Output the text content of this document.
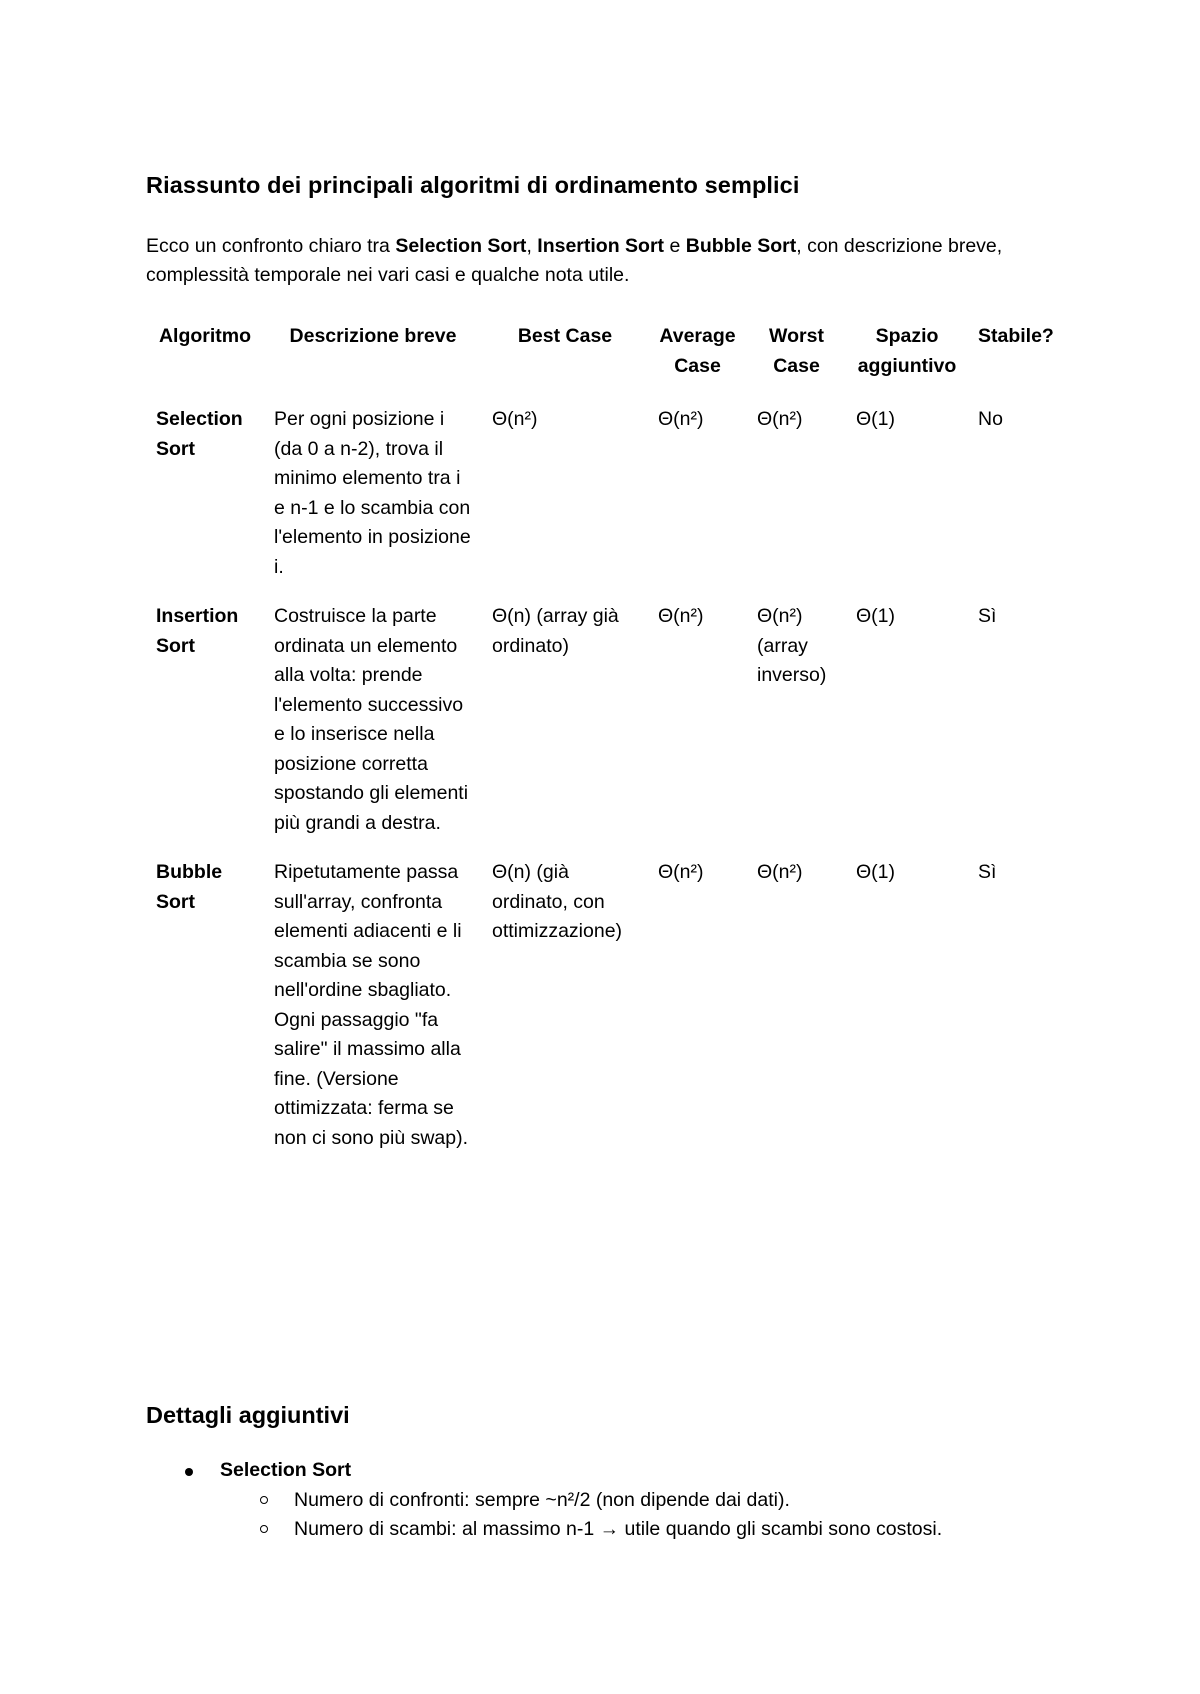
Riassunto dei principali algoritmi di ordinamento semplici

Ecco un confronto chiaro tra Selection Sort, Insertion Sort e Bubble Sort, con descrizione breve, complessità temporale nei vari casi e qualche nota utile.

Algoritmo	Descrizione breve	Best Case	Average Case	Worst Case	Spazio aggiuntivo	Stabile?
Selection Sort	Per ogni posizione i (da 0 a n-2), trova il minimo elemento tra i e n-1 e lo scambia con l'elemento in posizione i.	Θ(n²)	Θ(n²)	Θ(n²)	Θ(1)	No
Insertion Sort	Costruisce la parte ordinata un elemento alla volta: prende l'elemento successivo e lo inserisce nella posizione corretta spostando gli elementi più grandi a destra.	Θ(n) (array già ordinato)	Θ(n²)	Θ(n²) (array inverso)	Θ(1)	Sì
Bubble Sort	Ripetutamente passa sull'array, confronta elementi adiacenti e li scambia se sono nell'ordine sbagliato. Ogni passaggio "fa salire" il massimo alla fine. (Versione ottimizzata: ferma se non ci sono più swap).	Θ(n) (già ordinato, con ottimizzazione)	Θ(n²)	Θ(n²)	Θ(1)	Sì
Dettagli aggiuntivi
Selection Sort
Numero di confronti: sempre ~n²/2 (non dipende dai dati).
Numero di scambi: al massimo n-1 → utile quando gli scambi sono costosi.
